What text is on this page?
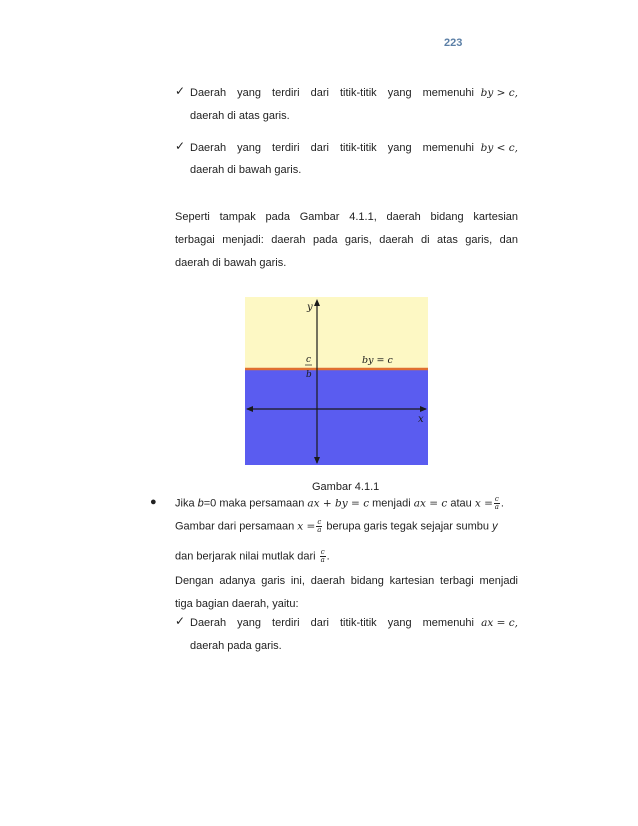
223
✓ Daerah yang terdiri dari titik-titik yang memenuhi by > c,
daerah di atas garis.
✓ Daerah yang terdiri dari titik-titik yang memenuhi by < c,
daerah di bawah garis.
Seperti tampak pada Gambar 4.1.1, daerah bidang kartesian
terbagai menjadi: daerah pada garis, daerah di atas garis, dan
daerah di bawah garis.
y
x
c
b
by = c
Gambar 4.1.1
● Jika b=0 maka persamaan ax + by = c menjadi ax = c atau $x = \frac{c}{a}$ .
Gambar dari persamaan $x = \frac{c}{a}$ berupa garis tegak sejajar sumbu y
dan berjarak nilai mutlak dari $\frac{c}{a}$ .
Dengan adanya garis ini, daerah bidang kartesian terbagi menjadi
tiga bagian daerah, yaitu:
✓ Daerah yang terdiri dari titik-titik yang memenuhi ax = c,
daerah pada garis.
